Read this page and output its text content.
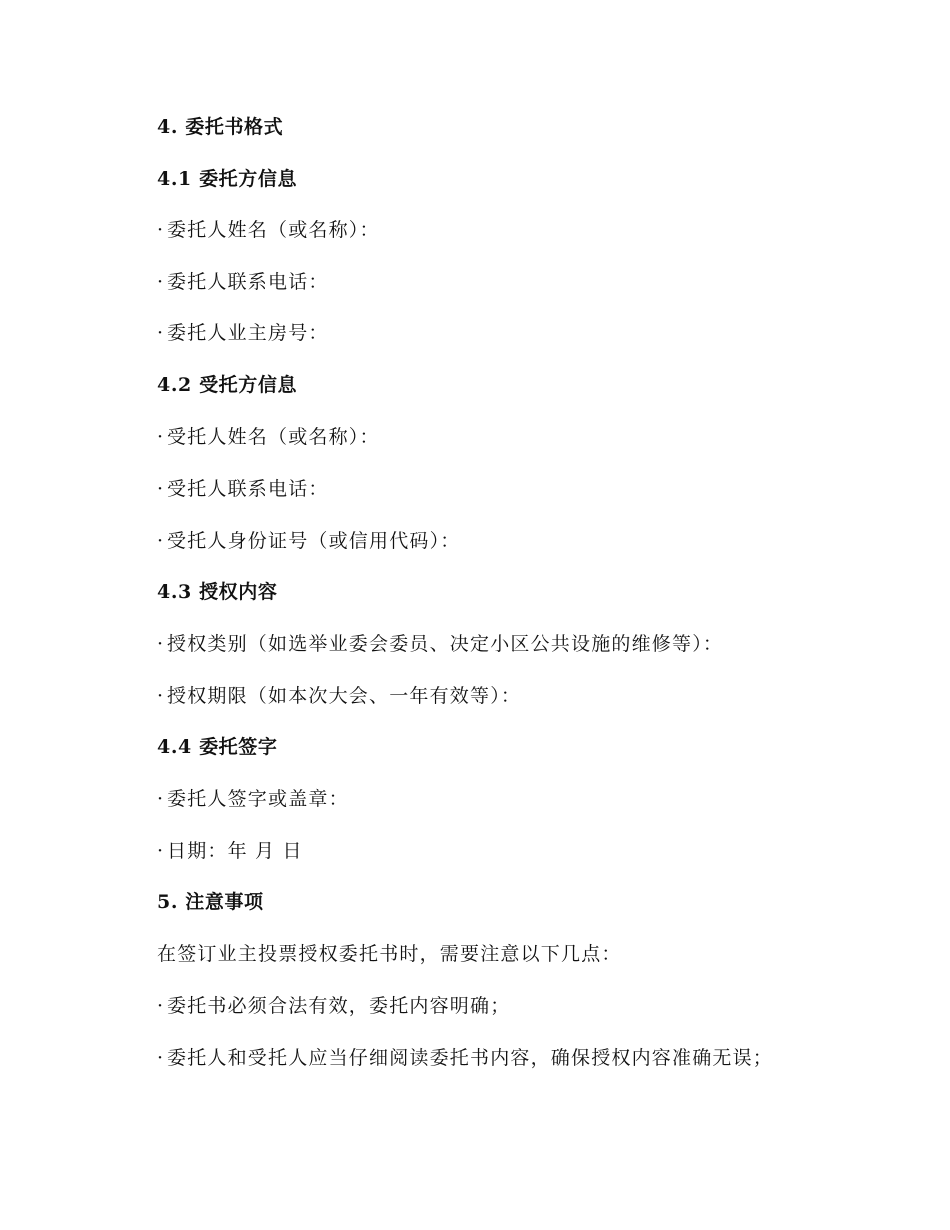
4. 委托书格式
4.1 委托方信息
· 委托人姓名（或名称）：
· 委托人联系电话：
· 委托人业主房号：
4.2 受托方信息
· 受托人姓名（或名称）：
· 受托人联系电话：
· 受托人身份证号（或信用代码）：
4.3 授权内容
· 授权类别（如选举业委会委员、决定小区公共设施的维修等）：
· 授权期限（如本次大会、一年有效等）：
4.4 委托签字
· 委托人签字或盖章：
· 日期：年 月 日
5. 注意事项
在签订业主投票授权委托书时，需要注意以下几点：
· 委托书必须合法有效，委托内容明确；
· 委托人和受托人应当仔细阅读委托书内容，确保授权内容准确无误；
